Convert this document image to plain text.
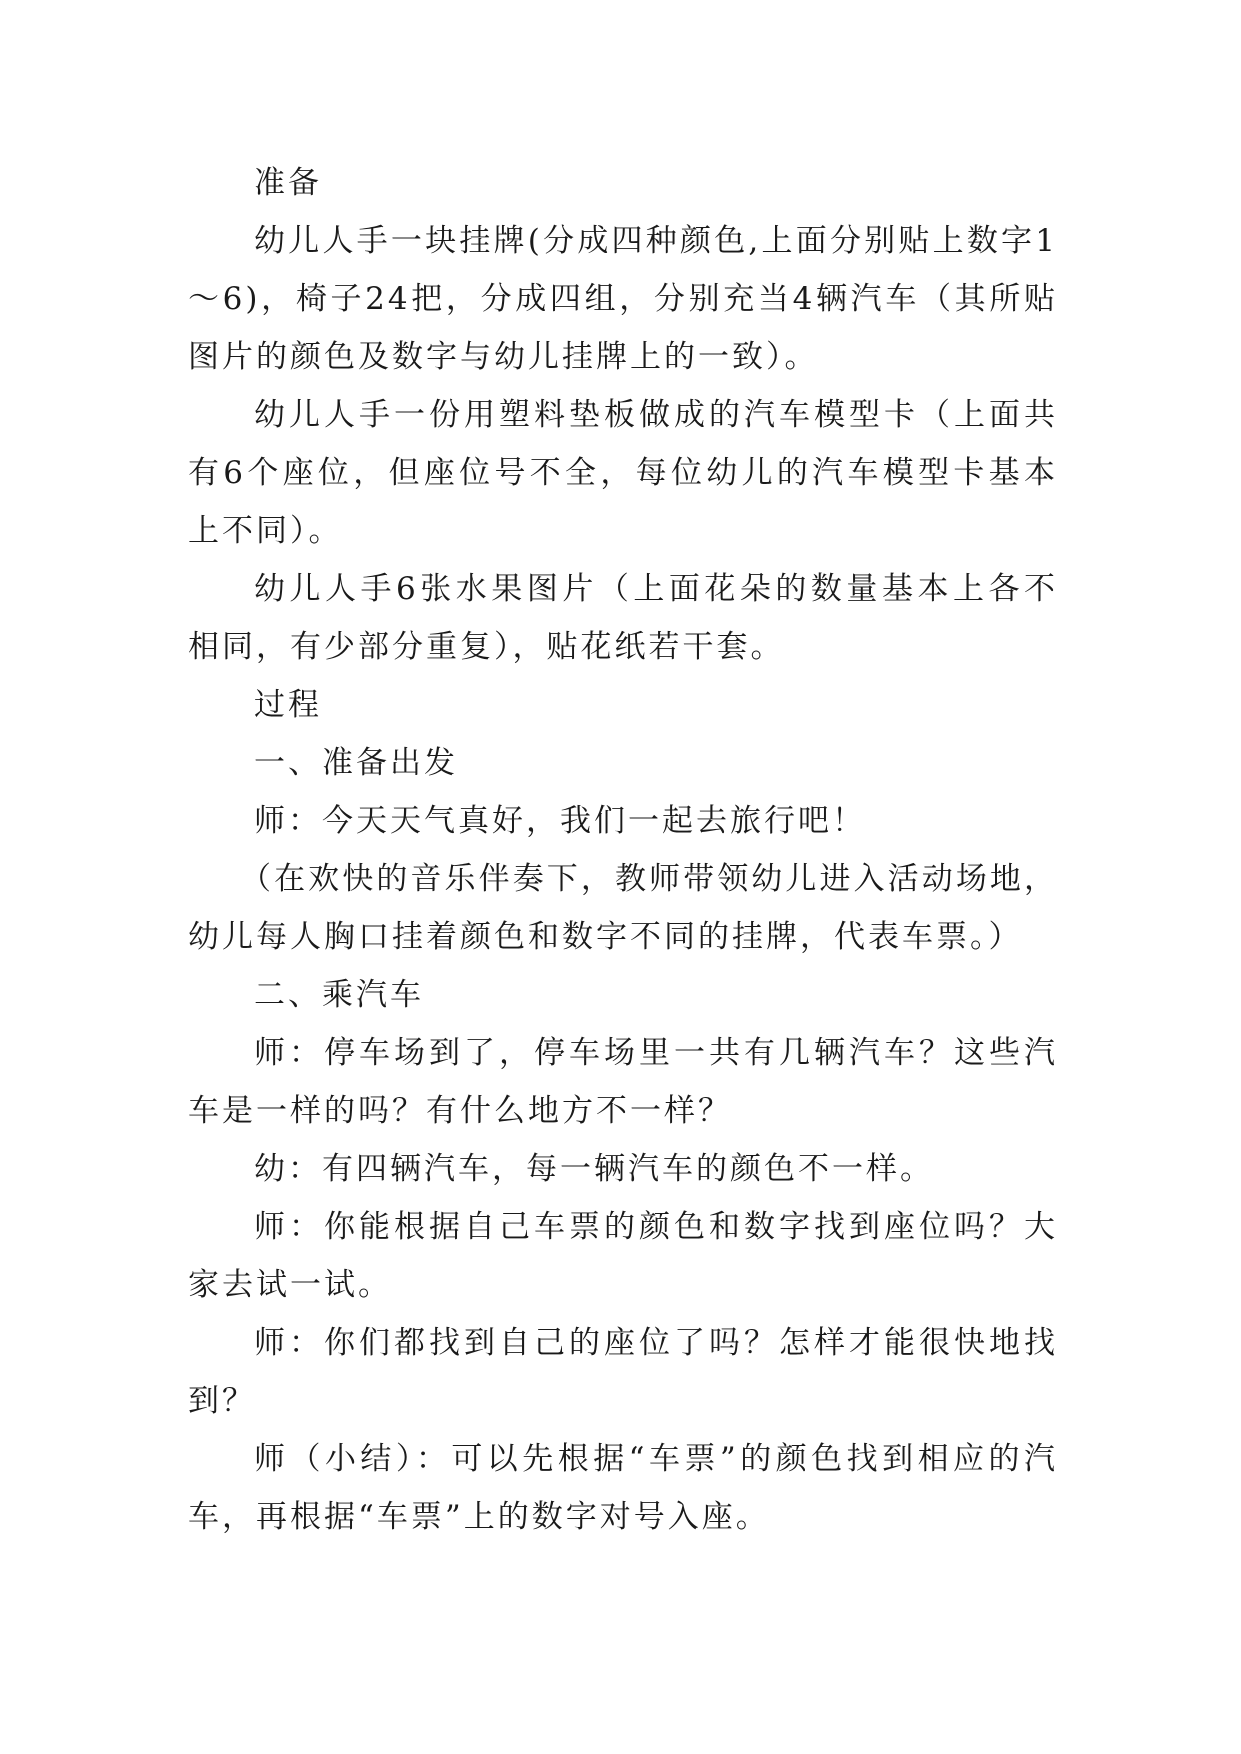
准备

幼儿人手一块挂牌(分成四种颜色,上面分别贴上数字1～6)，椅子24把，分成四组，分别充当4辆汽车（其所贴图片的颜色及数字与幼儿挂牌上的一致）。

幼儿人手一份用塑料垫板做成的汽车模型卡（上面共有6个座位，但座位号不全，每位幼儿的汽车模型卡基本上不同）。

幼儿人手6张水果图片（上面花朵的数量基本上各不相同，有少部分重复），贴花纸若干套。

过程

一、准备出发

师：今天天气真好，我们一起去旅行吧！

（在欢快的音乐伴奏下，教师带领幼儿进入活动场地，幼儿每人胸口挂着颜色和数字不同的挂牌，代表车票。）

二、乘汽车

师：停车场到了，停车场里一共有几辆汽车？这些汽车是一样的吗？有什么地方不一样？

幼：有四辆汽车，每一辆汽车的颜色不一样。

师：你能根据自己车票的颜色和数字找到座位吗？大家去试一试。

师：你们都找到自己的座位了吗？怎样才能很快地找到？

师（小结）：可以先根据“车票”的颜色找到相应的汽车，再根据“车票”上的数字对号入座。
